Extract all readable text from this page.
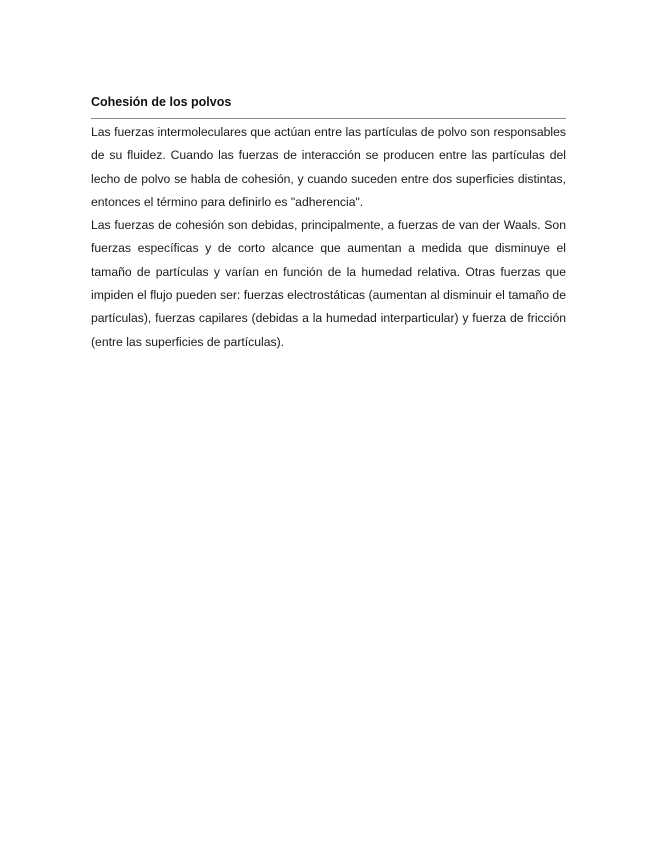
Cohesión de los polvos

Las fuerzas intermoleculares que actúan entre las partículas de polvo son responsables de su fluidez. Cuando las fuerzas de interacción se producen entre las partículas del lecho de polvo se habla de cohesión, y cuando suceden entre dos superficies distintas, entonces el término para definirlo es "adherencia".

Las fuerzas de cohesión son debidas, principalmente, a fuerzas de van der Waals. Son fuerzas específicas y de corto alcance que aumentan a medida que disminuye el tamaño de partículas y varían en función de la humedad relativa. Otras fuerzas que impiden el flujo pueden ser: fuerzas electrostáticas (aumentan al disminuir el tamaño de partículas), fuerzas capilares (debidas a la humedad interparticular) y fuerza de fricción (entre las superficies de partículas).
